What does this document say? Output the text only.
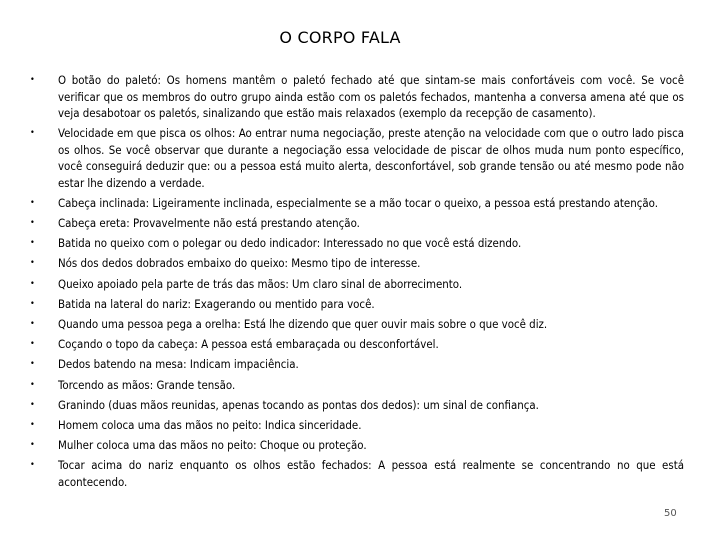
O CORPO FALA
• O botão do paletó: Os homens mantêm o paletó fechado até que sintam-se mais confortáveis com você. Se você verificar que os membros do outro grupo ainda estão com os paletós fechados, mantenha a conversa amena até que os veja desabotoar os paletós, sinalizando que estão mais relaxados (exemplo da recepção de casamento).
• Velocidade em que pisca os olhos: Ao entrar numa negociação, preste atenção na velocidade com que o outro lado pisca os olhos. Se você observar que durante a negociação essa velocidade de piscar de olhos muda num ponto específico, você conseguirá deduzir que: ou a pessoa está muito alerta, desconfortável, sob grande tensão ou até mesmo pode não estar lhe dizendo a verdade.
• Cabeça inclinada: Ligeiramente inclinada, especialmente se a mão tocar o queixo, a pessoa está prestando atenção.
• Cabeça ereta: Provavelmente não está prestando atenção.
• Batida no queixo com o polegar ou dedo indicador: Interessado no que você está dizendo.
• Nós dos dedos dobrados embaixo do queixo: Mesmo tipo de interesse.
• Queixo apoiado pela parte de trás das mãos: Um claro sinal de aborrecimento.
• Batida na lateral do nariz: Exagerando ou mentido para você.
• Quando uma pessoa pega a orelha: Está lhe dizendo que quer ouvir mais sobre o que você diz.
• Coçando o topo da cabeça: A pessoa está embaraçada ou desconfortável.
• Dedos batendo na mesa: Indicam impaciência.
• Torcendo as mãos: Grande tensão.
• Granindo (duas mãos reunidas, apenas tocando as pontas dos dedos): um sinal de confiança.
• Homem coloca uma das mãos no peito: Indica sinceridade.
• Mulher coloca uma das mãos no peito: Choque ou proteção.
• Tocar acima do nariz enquanto os olhos estão fechados: A pessoa está realmente se concentrando no que está acontecendo.
50
